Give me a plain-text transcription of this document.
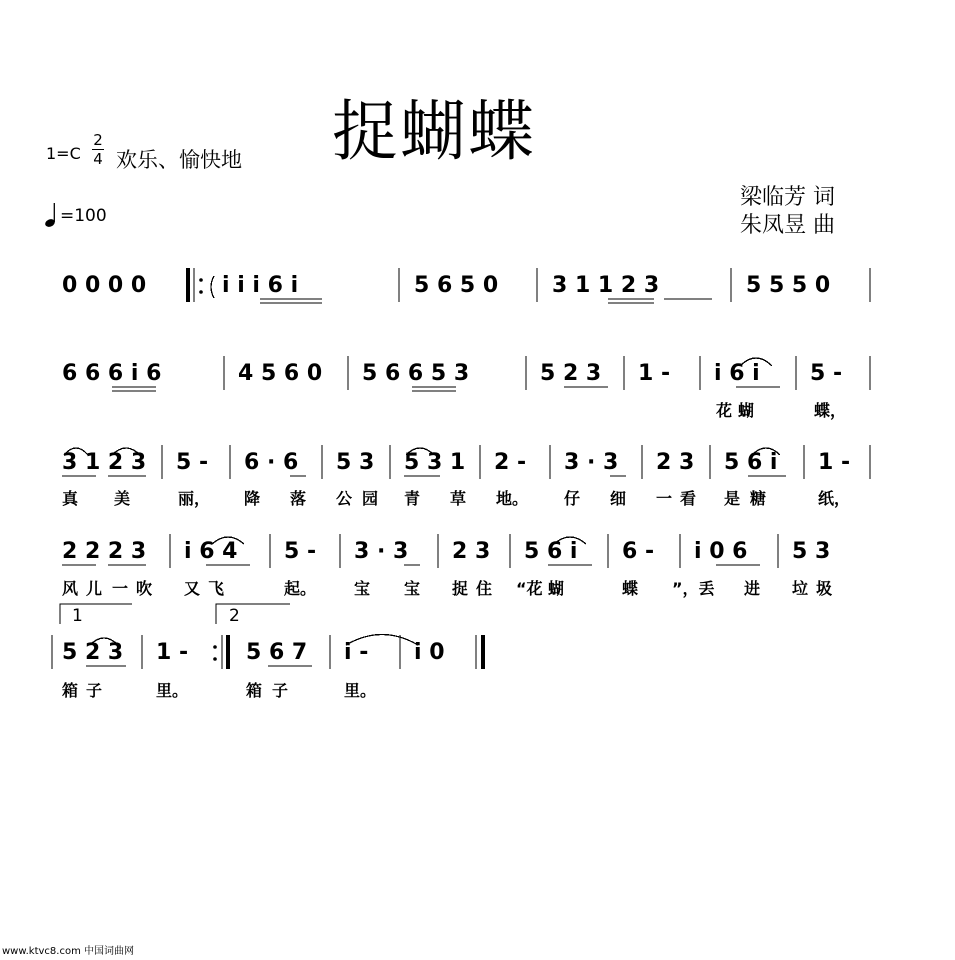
捉蝴蝶
1=C
2
4 欢乐、愉快地
=100
梁临芳 词
朱凤昱 曲
0 0 0 0	i i i 6 i	5 6 5 0 3 1 1 2 3	5 5 5 0
6 6 6 i 6	4 5 6 0 5 6 6 5 3	5 2 3 1 - i 6 i 5 -
花 蝴	蝶，
3 1 2 3 5 - 6 · 6 5 3 5 3 1 2 - 3 · 3 2 3 5 6 i 1 -
真 美	丽， 降 落 公 园 青 草 地。 仔 细 一 看 是 糖	纸，
2 2 2 3 i 6 4 5 - 3 · 3 2 3 5 6 i 6 - i 0 6 5 3
风 儿 一 吹 又 飞	起。 宝 宝 捉 住 “花 蝴	蝶 ”，丢 进 垃 圾
5 2 3 1 -	5 6 7 i - i 0
箱 子	里。	箱 子	里。
1	2
www.ktvc8.com 中国词曲网
